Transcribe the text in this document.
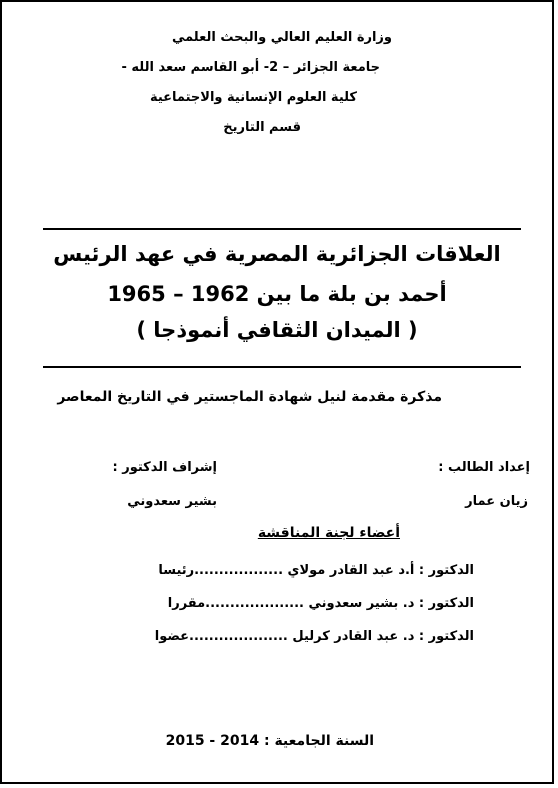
وزارة العليم العالي والبحث العلمي
جامعة الجزائر – 2- أبو القاسم سعد الله -
كلية العلوم الإنسانية والاجتماعية
قسم التاريخ
العلاقات الجزائرية المصرية في عهد الرئيس
أحمد بن بلة ما بين 1962 – 1965
( الميدان الثقافي أنموذجا )
مذكرة مقدمة لنيل شهادة الماجستير في التاريخ المعاصر
إعداد الطالب :
إشراف الدكتور :
زيان عمار
بشير سعدوني
أعضاء لجنة المناقشة
الدكتور : أ.د عبد القادر مولاي ..................رئيسا
الدكتور : د. بشير سعدوني ....................مقررا
الدكتور : د. عبد القادر كرليل ....................عضوا
السنة الجامعية : 2014 - 2015
